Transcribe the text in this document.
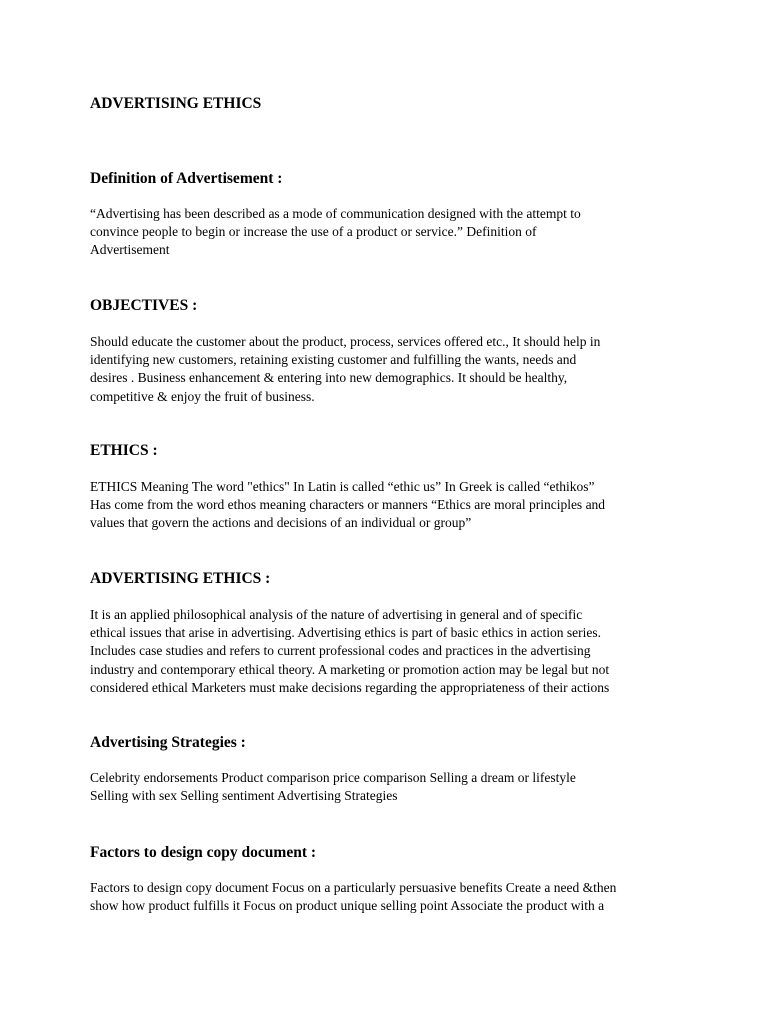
ADVERTISING ETHICS
Definition of Advertisement :

“Advertising has been described as a mode of communication designed with the attempt to
convince people to begin or increase the use of a product or service.” Definition of
Advertisement

OBJECTIVES :

Should educate the customer about the product, process, services offered etc., It should help in
identifying new customers, retaining existing customer and fulfilling the wants, needs and
desires . Business enhancement & entering into new demographics. It should be healthy,
competitive & enjoy the fruit of business.

ETHICS :

ETHICS Meaning The word "ethics" In Latin is called “ethic us” In Greek is called “ethikos”
Has come from the word ethos meaning characters or manners “Ethics are moral principles and
values that govern the actions and decisions of an individual or group”

ADVERTISING ETHICS :

It is an applied philosophical analysis of the nature of advertising in general and of specific
ethical issues that arise in advertising. Advertising ethics is part of basic ethics in action series.
Includes case studies and refers to current professional codes and practices in the advertising
industry and contemporary ethical theory. A marketing or promotion action may be legal but not
considered ethical Marketers must make decisions regarding the appropriateness of their actions

Advertising Strategies :

Celebrity endorsements Product comparison price comparison Selling a dream or lifestyle
Selling with sex Selling sentiment Advertising Strategies

Factors to design copy document :

Factors to design copy document Focus on a particularly persuasive benefits Create a need &then
show how product fulfills it Focus on product unique selling point Associate the product with a
